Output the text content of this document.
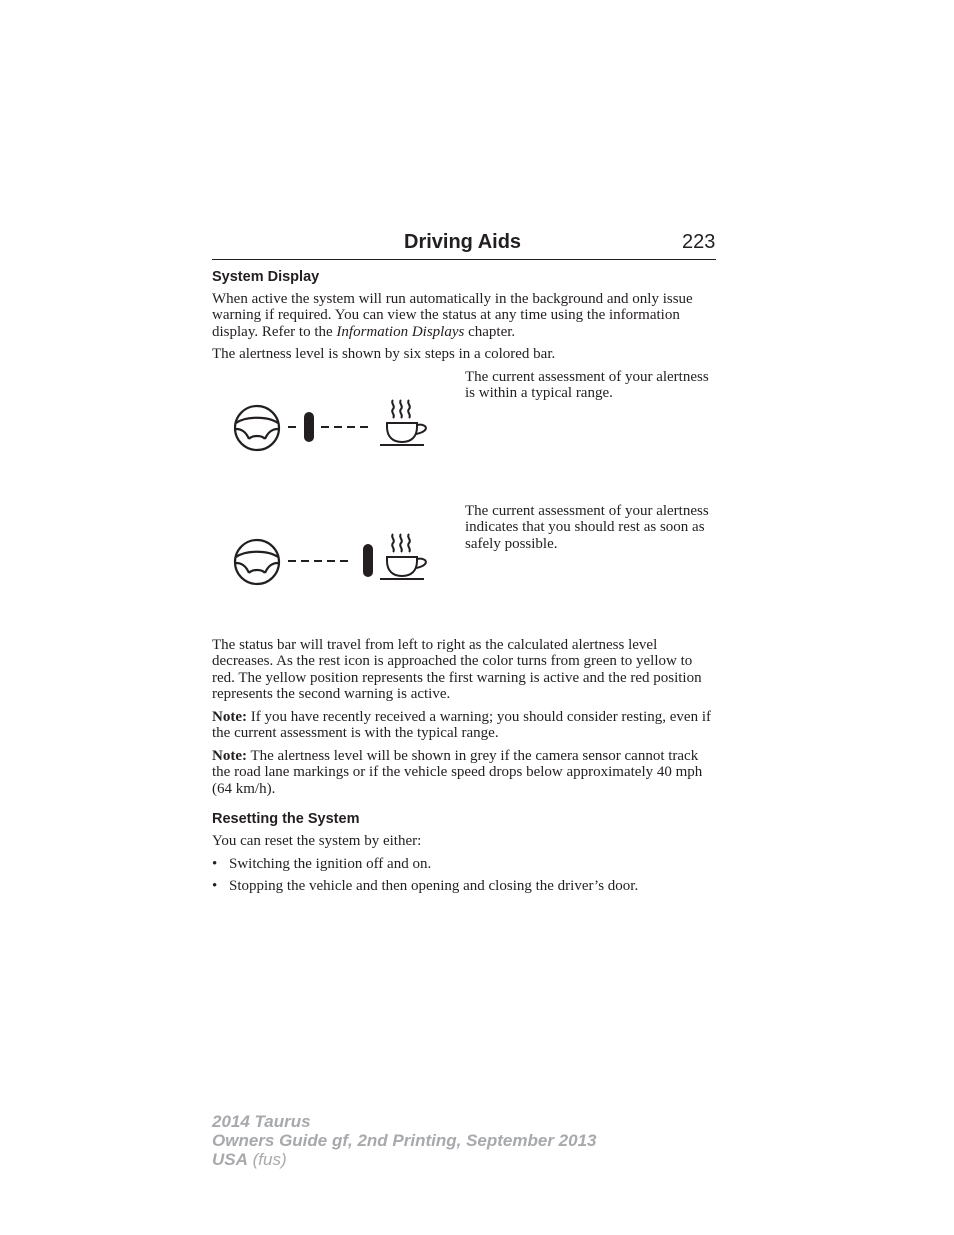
Driving Aids	223
System Display
When active the system will run automatically in the background and only issue warning if required. You can view the status at any time using the information display. Refer to the Information Displays chapter.
The alertness level is shown by six steps in a colored bar.
The current assessment of your alertness is within a typical range.
The current assessment of your alertness indicates that you should rest as soon as safely possible.
The status bar will travel from left to right as the calculated alertness level decreases. As the rest icon is approached the color turns from green to yellow to red. The yellow position represents the first warning is active and the red position represents the second warning is active.
Note: If you have recently received a warning; you should consider resting, even if the current assessment is with the typical range.
Note: The alertness level will be shown in grey if the camera sensor cannot track the road lane markings or if the vehicle speed drops below approximately 40 mph (64 km/h).
Resetting the System
You can reset the system by either:
• Switching the ignition off and on.
• Stopping the vehicle and then opening and closing the driver’s door.
2014 Taurus
Owners Guide gf, 2nd Printing, September 2013
USA (fus)
